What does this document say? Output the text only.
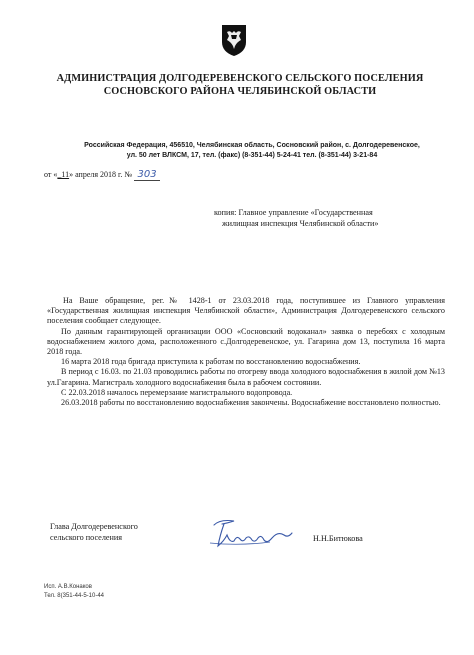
АДМИНИСТРАЦИЯ ДОЛГОДЕРЕВЕНСКОГО СЕЛЬСКОГО ПОСЕЛЕНИЯ
СОСНОВСКОГО РАЙОНА ЧЕЛЯБИНСКОЙ ОБЛАСТИ
Российская Федерация, 456510, Челябинская область, Сосновский район, с. Долгодеревенское,
ул. 50 лет ВЛКСМ, 17, тел. (факс) (8-351-44) 5-24-41 тел. (8-351-44) 3-21-84
от «_11» апреля 2018 г. № 303
копия: Главное управление «Государственная
жилищная инспекция Челябинской области»

На Ваше обращение, рег.№ 1428-1 от 23.03.2018 года, поступившее из Главного управления «Государственная жилищная инспекция Челябинской области», Администрация Долгодеревенского сельского поселения сообщает следующее.

По данным гарантирующей организации ООО «Сосновский водоканал» заявка о перебоях с холодным водоснабжением жилого дома, расположенного с.Долгодеревенское, ул. Гагарина дом 13, поступила 16 марта 2018 года.

16 марта 2018 года бригада приступила к работам по восстановлению водоснабжения.

В период с 16.03. по 21.03 проводились работы по отогреву ввода холодного водоснабжения в жилой дом №13 ул.Гагарина. Магистраль холодного водоснабжения была в рабочем состоянии.

С 22.03.2018 началось перемерзание магистрального водопровода.

26.03.2018 работы по восстановлению водоснабжения закончены. Водоснабжение восстановлено полностью.

Глава Долгодеревенского
сельского поселения	Н.Н.Битюкова
Исп. А.В.Конаков
Тел. 8(351-44-5-10-44
